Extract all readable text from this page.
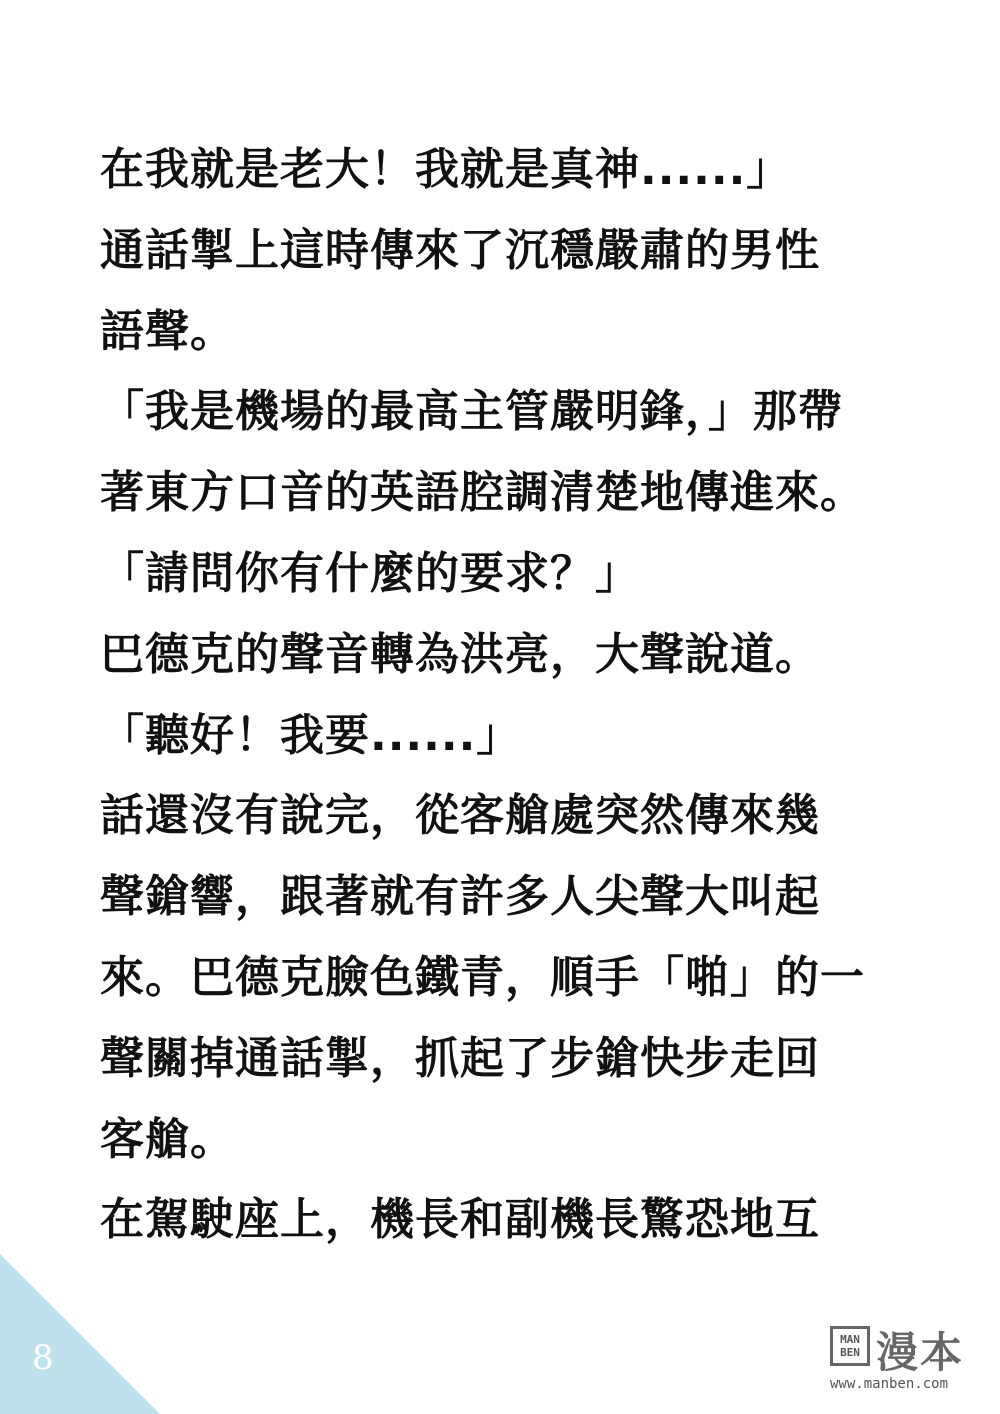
在我就是老大！我就是真神......」
通話掣上這時傳來了沉穩嚴肅的男性
語聲。
「我是機場的最高主管嚴明鋒，」那帶
著東方口音的英語腔調清楚地傳進來。
「請問你有什麼的要求？」
巴德克的聲音轉為洪亮，大聲說道。
「聽好！我要......」
話還沒有說完，從客艙處突然傳來幾
聲鎗響，跟著就有許多人尖聲大叫起
來。巴德克臉色鐵青，順手「啪」的一
聲關掉通話掣，抓起了步鎗快步走回
客艙。
在駕駛座上，機長和副機長驚恐地互
8	MAN
BEN 漫本
www.manben.com
